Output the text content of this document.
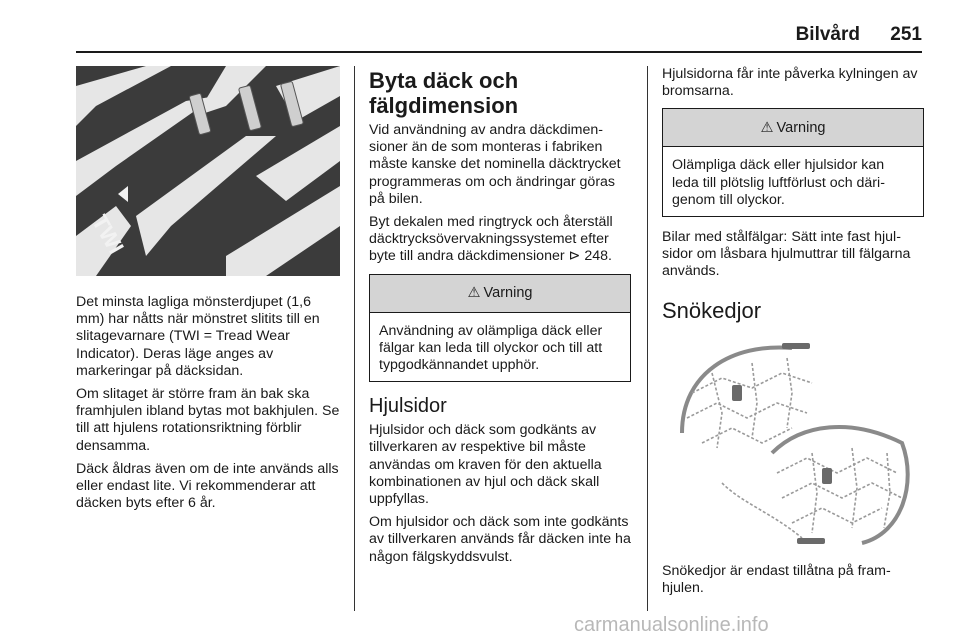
Bilvård 251
TWI

Det minsta lagliga mönsterdjupet (1,6 mm) har nåtts när mönstret slitits till en slitagevarnare (TWI = Tread Wear Indicator). Deras läge anges av markeringar på däcksidan.

Om slitaget är större fram än bak ska framhjulen ibland bytas mot bakhjulen. Se till att hjulens rotationsriktning förblir densamma.

Däck åldras även om de inte används alls eller endast lite. Vi rekommenderar att däcken byts efter 6 år.

Byta däck och fälgdimension

Vid användning av andra däckdimensioner än de som monteras i fabriken måste kanske det nominella däcktrycket programmeras om och ändringar göras på bilen.

Byt dekalen med ringtryck och återställ däcktrycksövervakningssystemet efter byte till andra däckdimensioner ⊳ 248.

⚠ Varning

Användning av olämpliga däck eller fälgar kan leda till olyckor och till att typgodkännandet upphör.

Hjulsidor

Hjulsidor och däck som godkänts av tillverkaren av respektive bil måste användas om kraven för den aktuella kombinationen av hjul och däck skall uppfyllas.

Om hjulsidor och däck som inte godkänts av tillverkaren används får däcken inte ha någon fälgskyddsvulst.

Hjulsidorna får inte påverka kylningen av bromsarna.

⚠ Varning

Olämpliga däck eller hjulsidor kan leda till plötslig luftförlust och därigenom till olyckor.

Bilar med stålfälgar: Sätt inte fast hjulsidor om låsbara hjulmuttrar till fälgarna används.

Snökedjor

Snökedjor är endast tillåtna på framhjulen.

carmanualsonline.info
